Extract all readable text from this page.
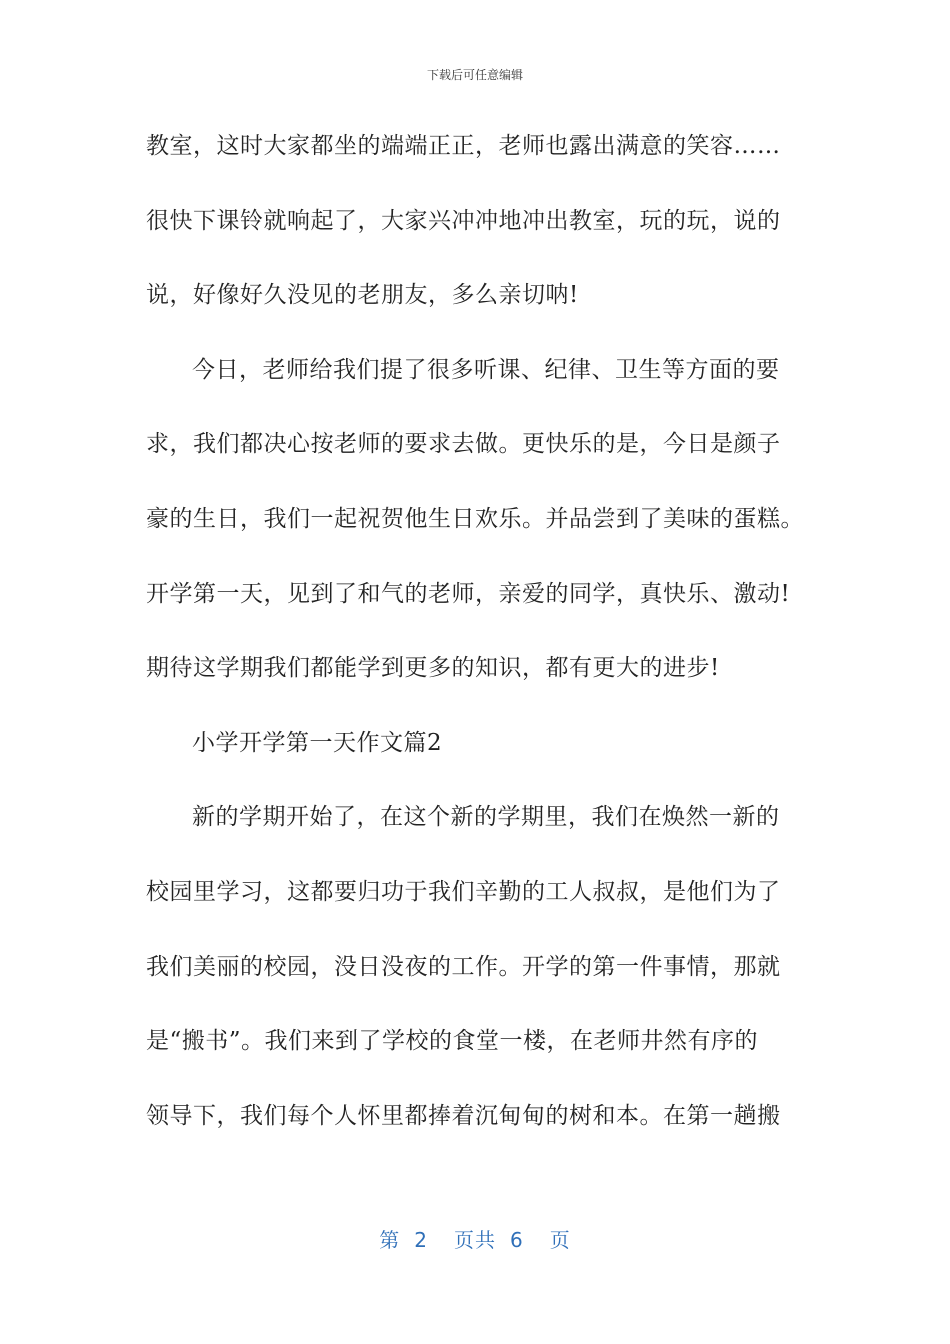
下载后可任意编辑
教室，这时大家都坐的端端正正，老师也露出满意的笑容……
很快下课铃就响起了，大家兴冲冲地冲出教室，玩的玩，说的
说，好像好久没见的老朋友，多么亲切呐!
今日，老师给我们提了很多听课、纪律、卫生等方面的要
求，我们都决心按老师的要求去做。更快乐的是，今日是颜子
豪的生日，我们一起祝贺他生日欢乐。并品尝到了美味的蛋糕。
开学第一天，见到了和气的老师，亲爱的同学，真快乐、激动!
期待这学期我们都能学到更多的知识，都有更大的进步!
小学开学第一天作文篇2
新的学期开始了，在这个新的学期里，我们在焕然一新的
校园里学习，这都要归功于我们辛勤的工人叔叔，是他们为了
我们美丽的校园，没日没夜的工作。开学的第一件事情，那就
是“搬书”。我们来到了学校的食堂一楼，在老师井然有序的
领导下，我们每个人怀里都捧着沉甸甸的树和本。在第一趟搬
第 2 页共 6 页
